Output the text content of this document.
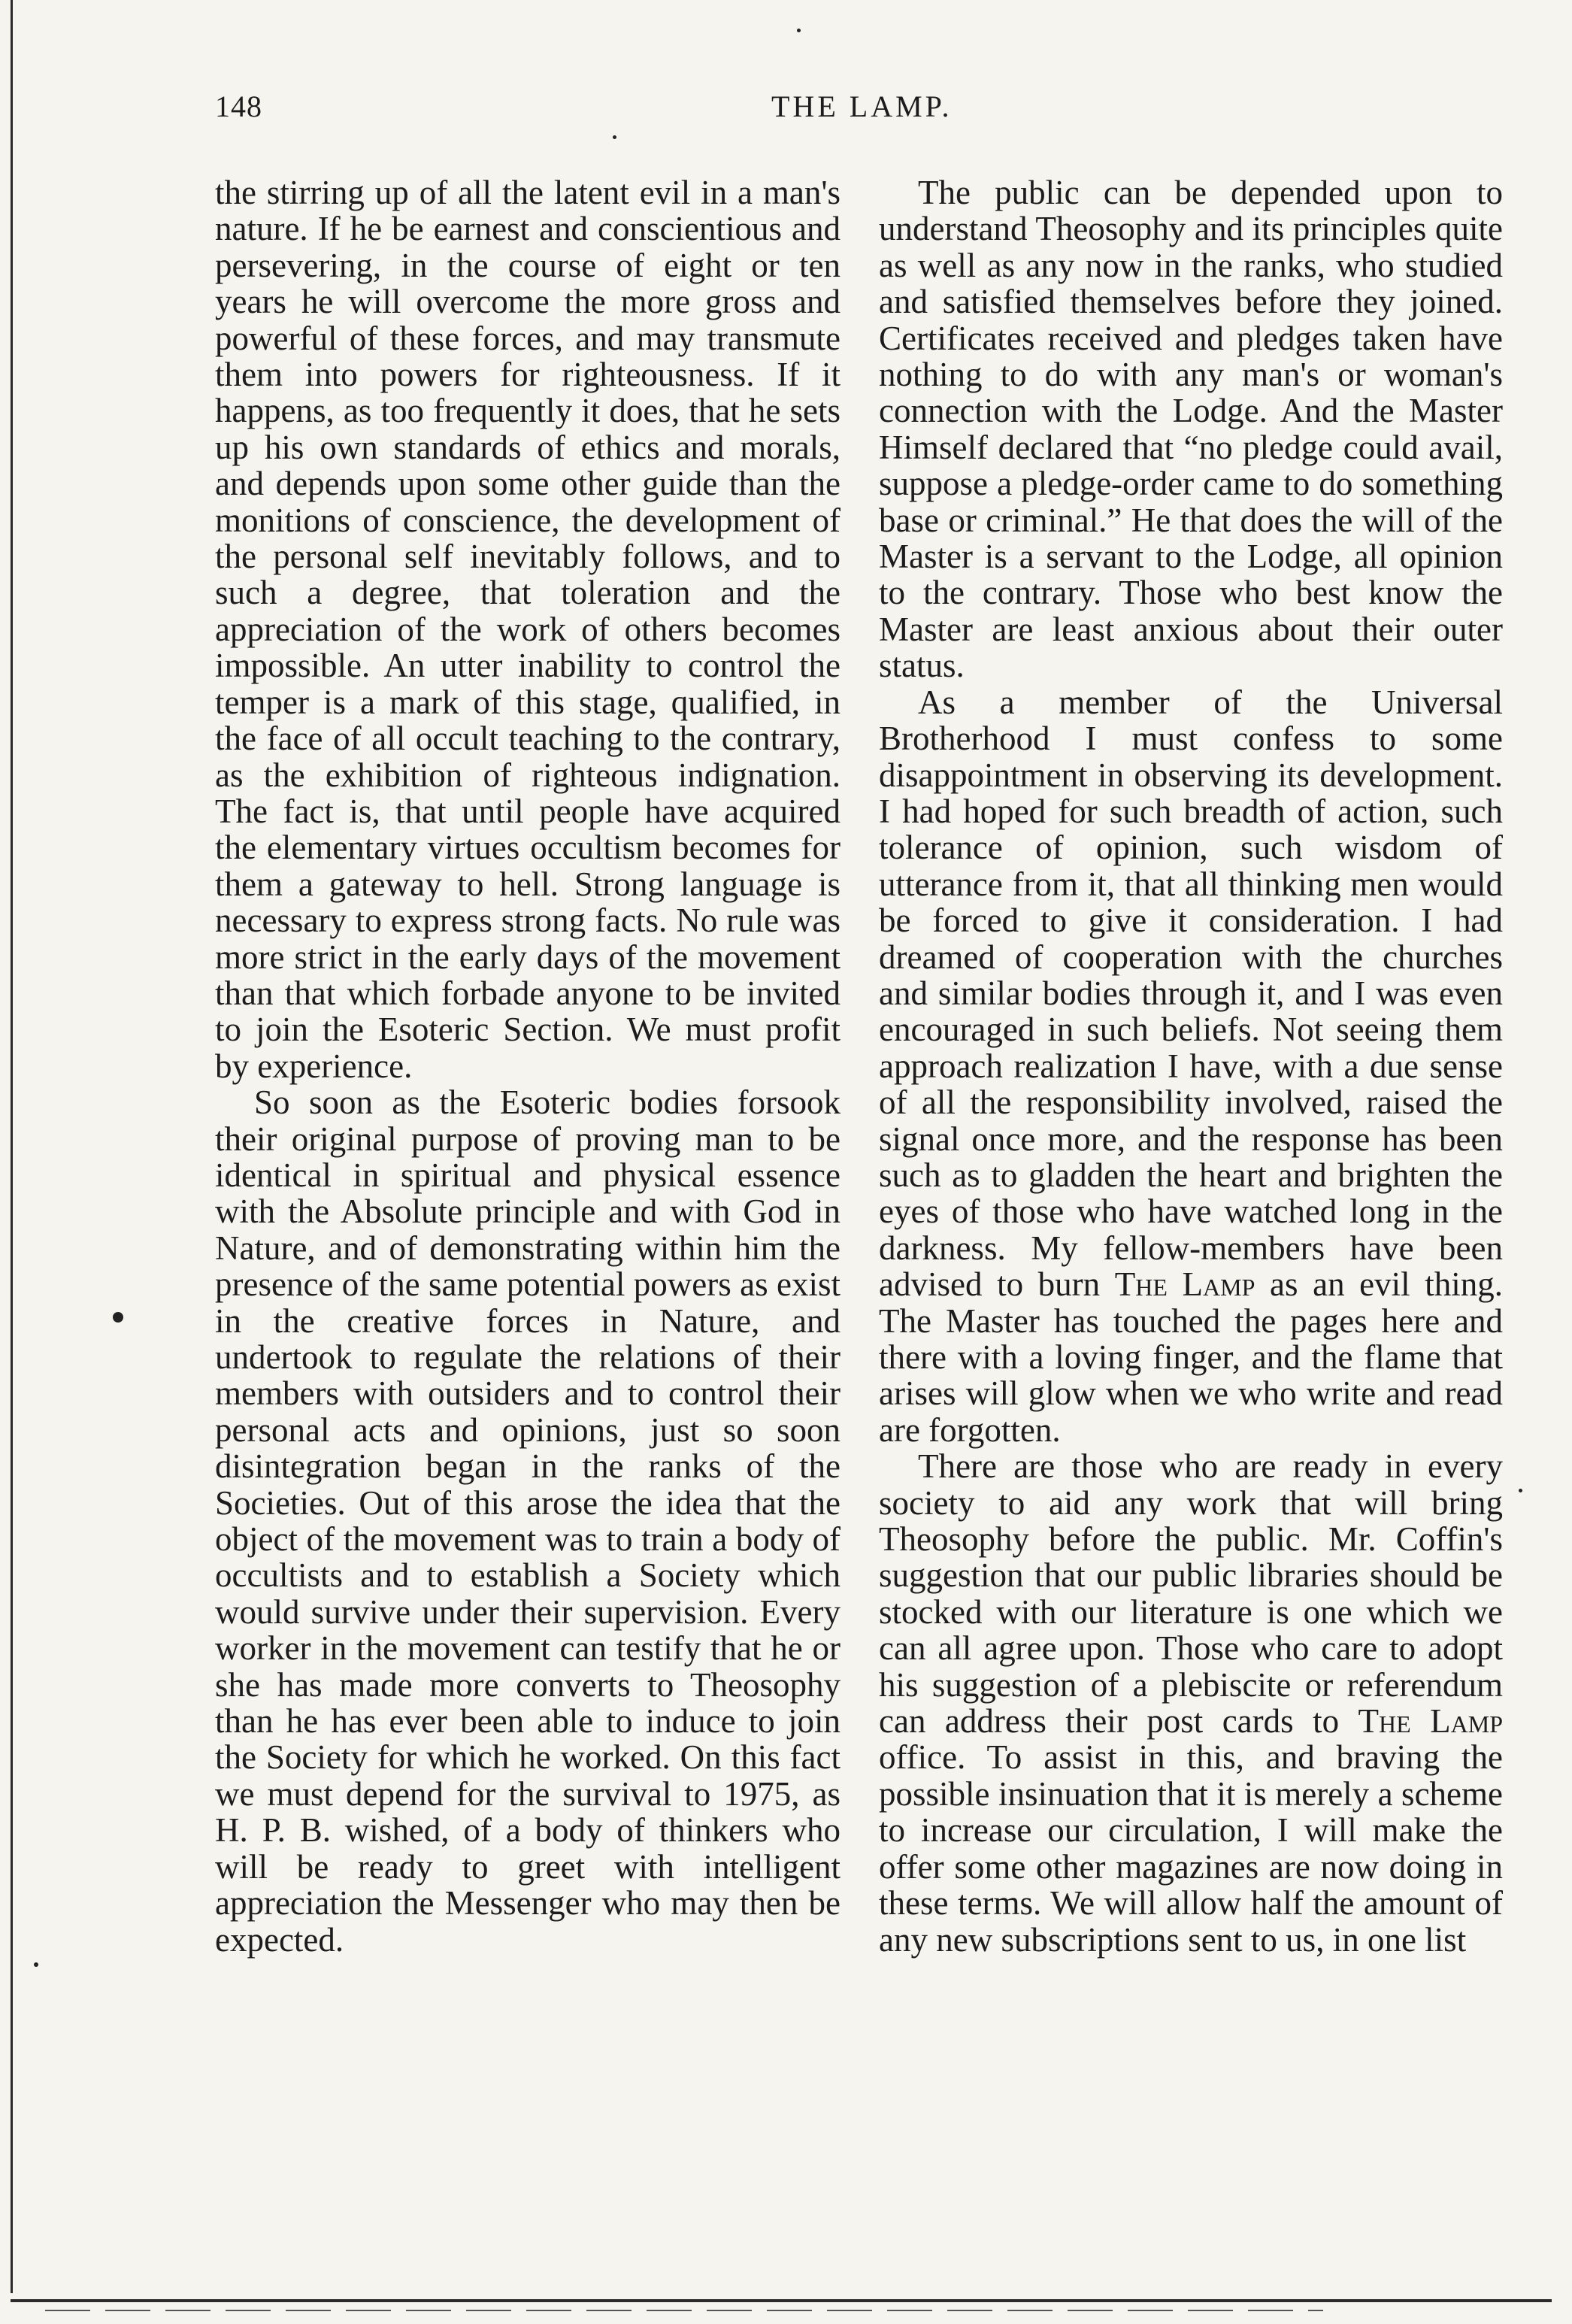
148	THE LAMP.

the stirring up of all the latent evil in a man's nature. If he be earnest and conscientious and persevering, in the course of eight or ten years he will overcome the more gross and powerful of these forces, and may transmute them into powers for righteousness. If it happens, as too frequently it does, that he sets up his own standards of ethics and morals, and depends upon some other guide than the monitions of conscience, the development of the personal self inevitably follows, and to such a degree, that toleration and the appreciation of the work of others becomes impossible. An utter inability to control the temper is a mark of this stage, qualified, in the face of all occult teaching to the contrary, as the exhibition of righteous indignation. The fact is, that until people have acquired the elementary virtues occultism becomes for them a gateway to hell. Strong language is necessary to express strong facts. No rule was more strict in the early days of the movement than that which forbade anyone to be invited to join the Esoteric Section. We must profit by experience.

So soon as the Esoteric bodies forsook their original purpose of proving man to be identical in spiritual and physical essence with the Absolute principle and with God in Nature, and of demonstrating within him the presence of the same potential powers as exist in the creative forces in Nature, and undertook to regulate the relations of their members with outsiders and to control their personal acts and opinions, just so soon disintegration began in the ranks of the Societies. Out of this arose the idea that the object of the movement was to train a body of occultists and to establish a Society which would survive under their supervision. Every worker in the movement can testify that he or she has made more converts to Theosophy than he has ever been able to induce to join the Society for which he worked. On this fact we must depend for the survival to 1975, as H. P. B. wished, of a body of thinkers who will be ready to greet with intelligent appreciation the Messenger who may then be expected.

The public can be depended upon to understand Theosophy and its principles quite as well as any now in the ranks, who studied and satisfied themselves before they joined. Certificates received and pledges taken have nothing to do with any man's or woman's connection with the Lodge. And the Master Himself declared that “no pledge could avail, suppose a pledge-order came to do something base or criminal.” He that does the will of the Master is a servant to the Lodge, all opinion to the contrary. Those who best know the Master are least anxious about their outer status.

As a member of the Universal Brotherhood I must confess to some disappointment in observing its development. I had hoped for such breadth of action, such tolerance of opinion, such wisdom of utterance from it, that all thinking men would be forced to give it consideration. I had dreamed of cooperation with the churches and similar bodies through it, and I was even encouraged in such beliefs. Not seeing them approach realization I have, with a due sense of all the responsibility involved, raised the signal once more, and the response has been such as to gladden the heart and brighten the eyes of those who have watched long in the darkness. My fellow-members have been advised to burn The Lamp as an evil thing. The Master has touched the pages here and there with a loving finger, and the flame that arises will glow when we who write and read are forgotten.

There are those who are ready in every society to aid any work that will bring Theosophy before the public. Mr. Coffin's suggestion that our public libraries should be stocked with our literature is one which we can all agree upon. Those who care to adopt his suggestion of a plebiscite or referendum can address their post cards to The Lamp office. To assist in this, and braving the possible insinuation that it is merely a scheme to increase our circulation, I will make the offer some other magazines are now doing in these terms. We will allow half the amount of any new subscriptions sent to us, in one list
